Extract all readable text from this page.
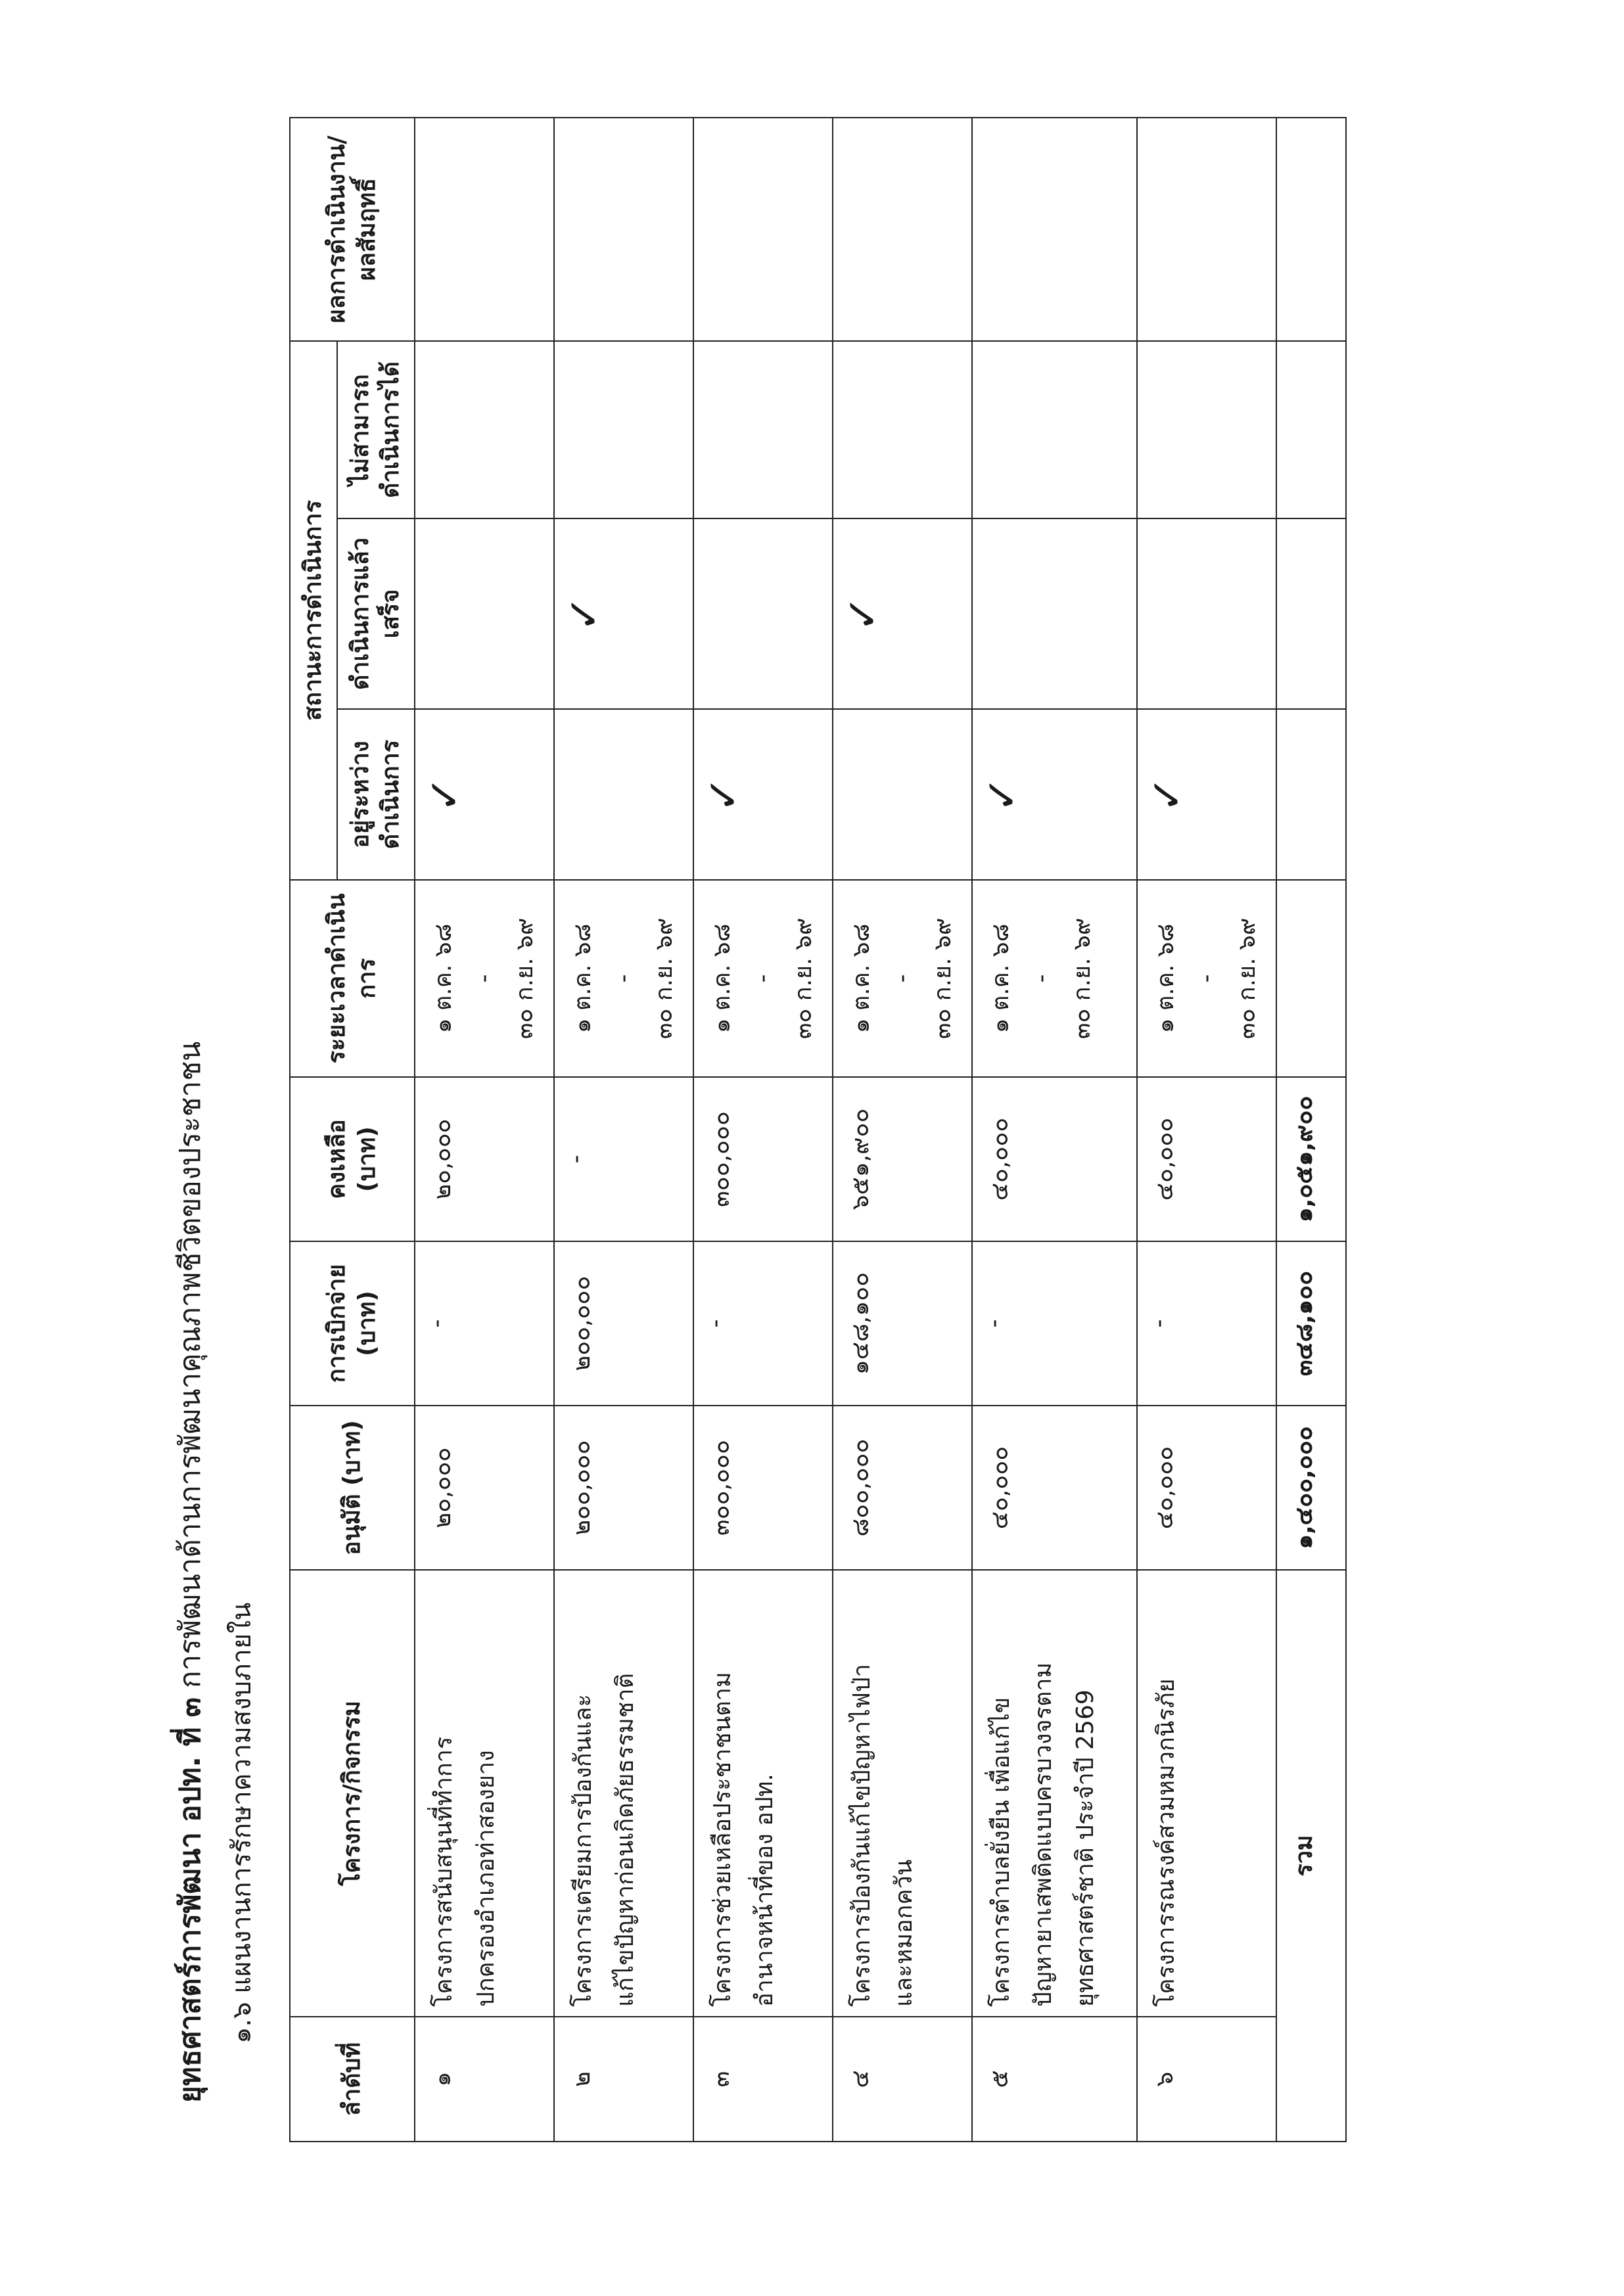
ยุทธศาสตร์การพัฒนา อปท. ที่ ๓ การพัฒนาด้านการพัฒนาคุณภาพชีวิตของประชาชน
๑.๖ แผนงานการรักษาความสงบภายใน
ลำดับที่	โครงการ/กิจกรรม	อนุมัติ (บาท)	การเบิกจ่าย (บาท)	คงเหลือ (บาท)	ระยะเวลาดำเนินการ	สถานะการดำเนินการ			ผลการดำเนินงาน/ผลสัมฤทธิ์
						อยู่ระหว่างดำเนินการ	ดำเนินการแล้วเสร็จ	ไม่สามารถดำเนินการได้	
๑	โครงการสนับสนุนที่ทำการ
ปกครองอำเภอท่าสองยาง	๒๐,๐๐๐	-	๒๐,๐๐๐	๑ ต.ค. ๖๘ - ๓๐ ก.ย. ๖๙	✓			
๒	โครงการเตรียมการป้องกันและ
แก้ไขปัญหาก่อนเกิดภัยธรรมชาติ	๒๐๐,๐๐๐	๒๐๐,๐๐๐	-	๑ ต.ค. ๖๘ - ๓๐ ก.ย. ๖๙		✓		
๓	โครงการช่วยเหลือประชาชนตาม
อำนาจหน้าที่ของ อปท.	๓๐๐,๐๐๐	-	๓๐๐,๐๐๐	๑ ต.ค. ๖๘ - ๓๐ ก.ย. ๖๙	✓			
๔	โครงการป้องกันแก้ไขปัญหาไฟป่า
และหมอกควัน	๘๐๐,๐๐๐	๑๔๘,๑๐๐	๖๕๑,๙๐๐	๑ ต.ค. ๖๘ - ๓๐ ก.ย. ๖๙		✓		
๕	โครงการตำบลยั่งยืน เพื่อแก้ไข
ปัญหายาเสพติดแบบครบวงจรตาม
ยุทธศาสตร์ชาติ ประจำปี 2569	๔๐,๐๐๐	-	๔๐,๐๐๐	๑ ต.ค. ๖๘ - ๓๐ ก.ย. ๖๙	✓			
๖	โครงการรณรงค์สวมหมวกนิรภัย	๔๐,๐๐๐	-	๔๐,๐๐๐	๑ ต.ค. ๖๘ - ๓๐ ก.ย. ๖๙	✓			
รวม		๑,๔๐๐,๐๐๐	๓๔๘,๑๐๐	๑,๐๕๑,๙๐๐					
